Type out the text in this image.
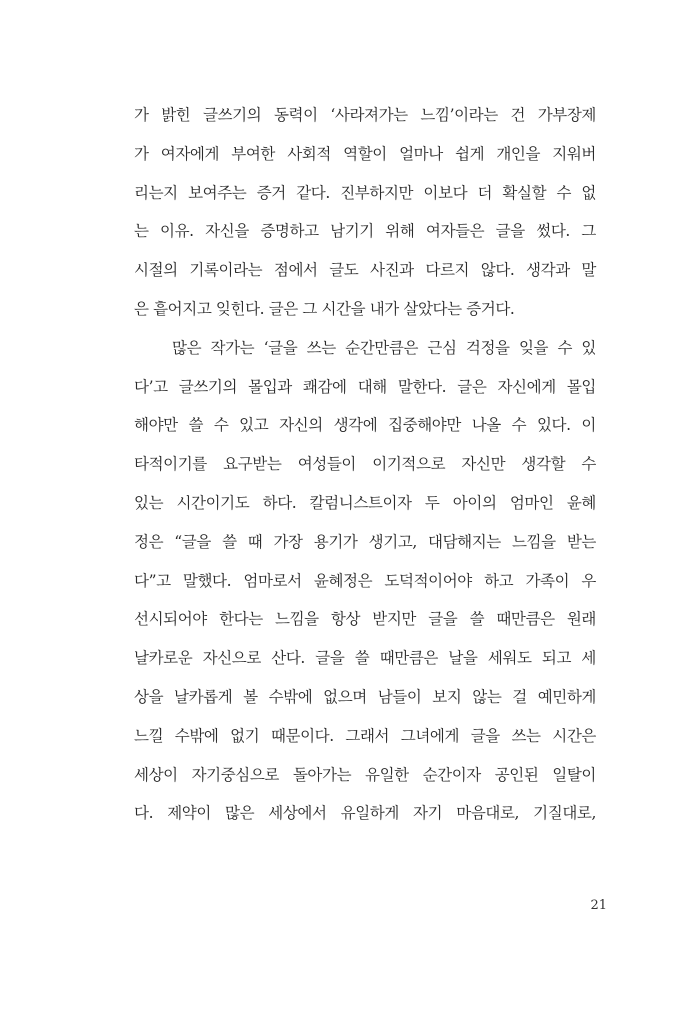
가 밝힌 글쓰기의 동력이 ‘사라져가는 느낌’이라는 건 가부장제
가 여자에게 부여한 사회적 역할이 얼마나 쉽게 개인을 지워버
리는지 보여주는 증거 같다. 진부하지만 이보다 더 확실할 수 없
는 이유. 자신을 증명하고 남기기 위해 여자들은 글을 썼다. 그
시절의 기록이라는 점에서 글도 사진과 다르지 않다. 생각과 말
은 흩어지고 잊힌다. 글은 그 시간을 내가 살았다는 증거다.
많은 작가는 ‘글을 쓰는 순간만큼은 근심 걱정을 잊을 수 있
다’고 글쓰기의 몰입과 쾌감에 대해 말한다. 글은 자신에게 몰입
해야만 쓸 수 있고 자신의 생각에 집중해야만 나올 수 있다. 이
타적이기를 요구받는 여성들이 이기적으로 자신만 생각할 수
있는 시간이기도 하다. 칼럼니스트이자 두 아이의 엄마인 윤혜
정은 “글을 쓸 때 가장 용기가 생기고, 대담해지는 느낌을 받는
다”고 말했다. 엄마로서 윤혜정은 도덕적이어야 하고 가족이 우
선시되어야 한다는 느낌을 항상 받지만 글을 쓸 때만큼은 원래
날카로운 자신으로 산다. 글을 쓸 때만큼은 날을 세워도 되고 세
상을 날카롭게 볼 수밖에 없으며 남들이 보지 않는 걸 예민하게
느낄 수밖에 없기 때문이다. 그래서 그녀에게 글을 쓰는 시간은
세상이 자기중심으로 돌아가는 유일한 순간이자 공인된 일탈이
다. 제약이 많은 세상에서 유일하게 자기 마음대로, 기질대로,
21
